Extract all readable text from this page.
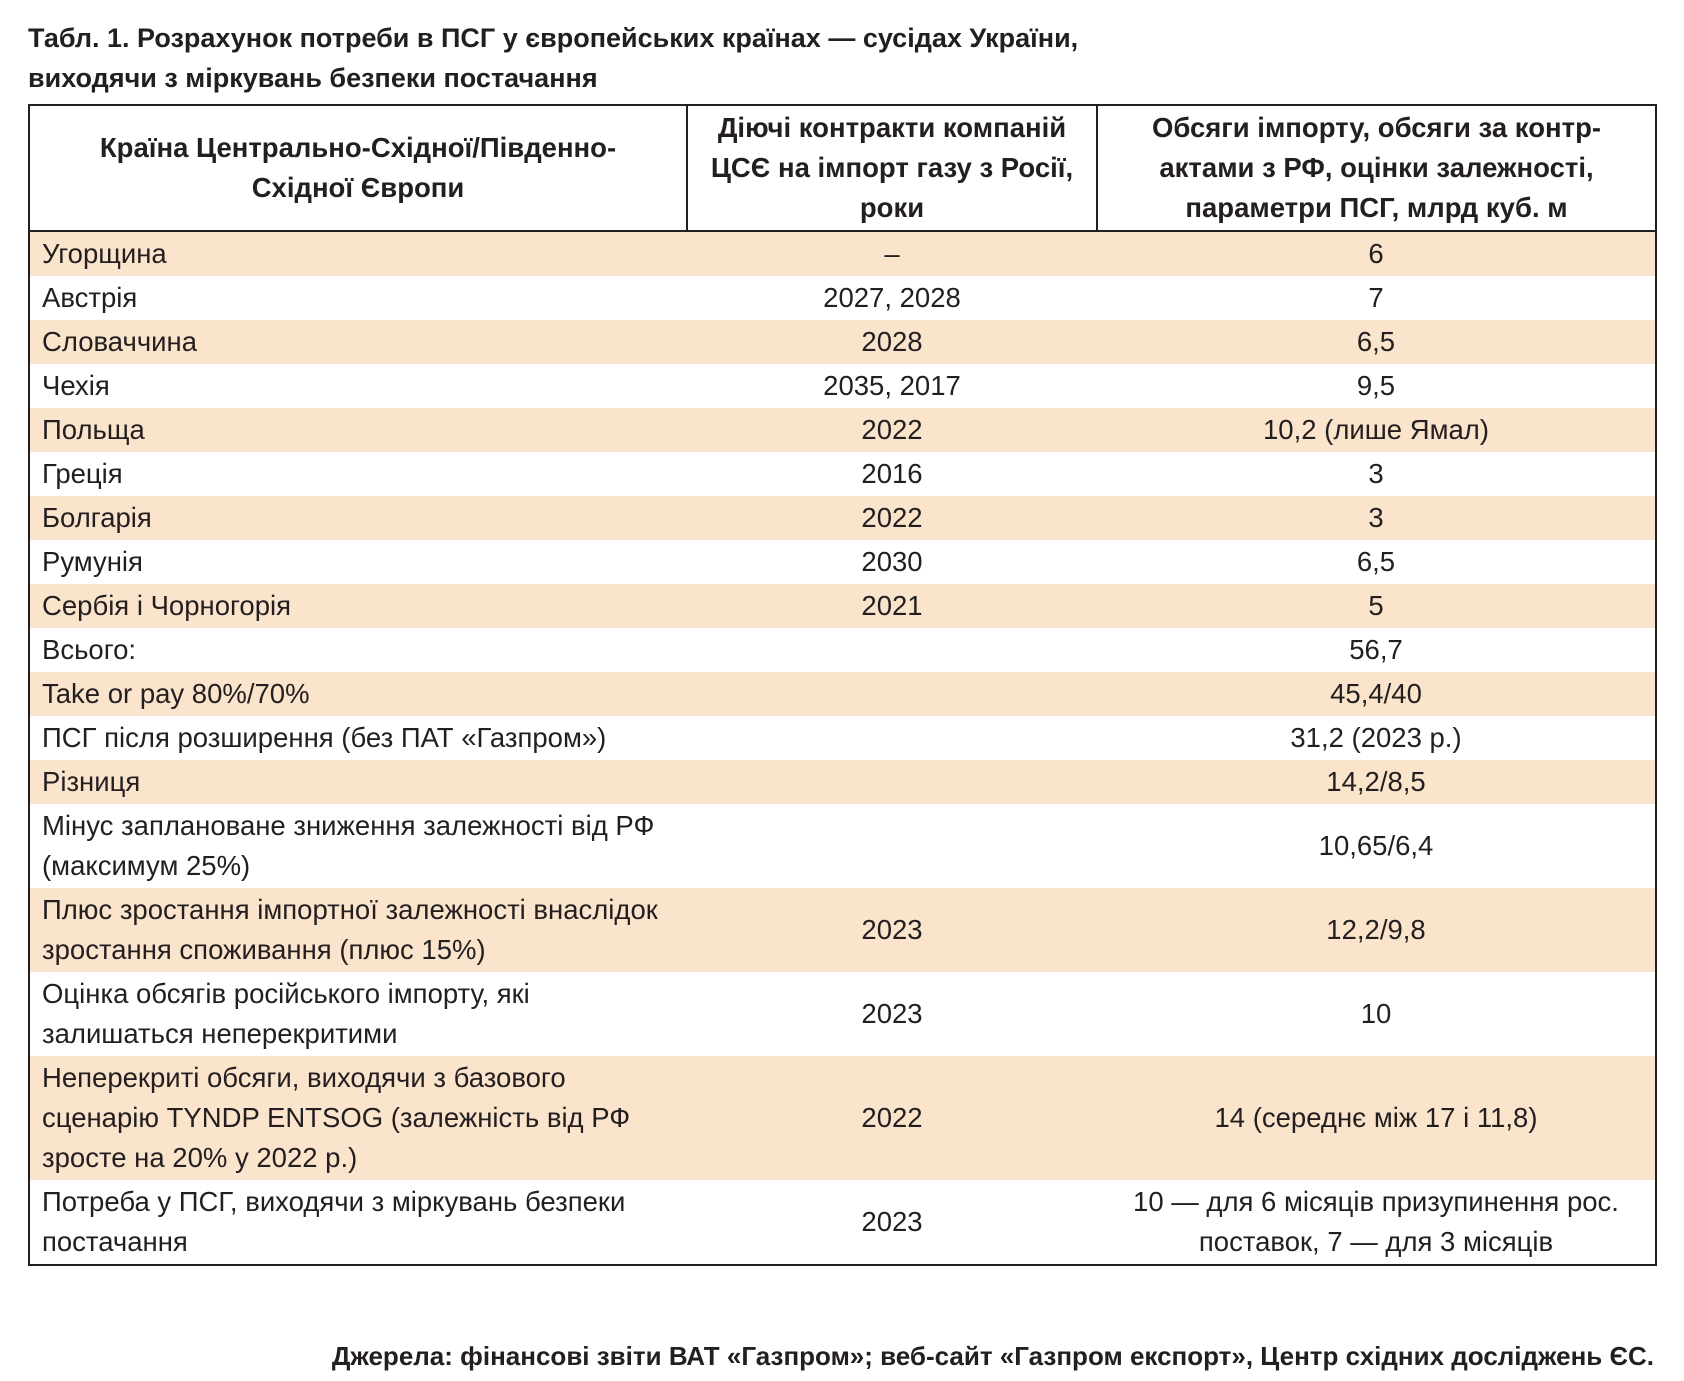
Табл. 1. Розрахунок потреби в ПСГ у європейських країнах — сусідах України,
виходячи з міркувань безпеки постачання
Країна Центрально-Східної/Південно-Східної Європи	Діючі контракти компаній ЦСЄ на імпорт газу з Росії, роки	Обсяги імпорту, обсяги за контр-актами з РФ, оцінки залежності, параметри ПСГ, млрд куб. м
Угорщина	–	6
Австрія	2027, 2028	7
Словаччина	2028	6,5
Чехія	2035, 2017	9,5
Польща	2022	10,2 (лише Ямал)
Греція	2016	3
Болгарія	2022	3
Румунія	2030	6,5
Сербія і Чорногорія	2021	5
Всього:		56,7
Take or pay 80%/70%		45,4/40
ПСГ після розширення (без ПАТ «Газпром»)		31,2 (2023 р.)
Різниця		14,2/8,5
Мінус заплановане зниження залежності від РФ (максимум 25%)		10,65/6,4
Плюс зростання імпортної залежності внаслідок зростання споживання (плюс 15%)	2023	12,2/9,8
Оцінка обсягів російського імпорту, які залишаться неперекритими	2023	10
Неперекриті обсяги, виходячи з базового сценарію TYNDP ENTSOG (залежність від РФ зросте на 20% у 2022 р.)	2022	14 (середнє між 17 і 11,8)
Потреба у ПСГ, виходячи з міркувань безпеки постачання	2023	10 — для 6 місяців призупинення рос. поставок, 7 — для 3 місяців
Джерела: фінансові звіти ВАТ «Газпром»; веб-сайт «Газпром експорт», Центр східних досліджень ЄС.
